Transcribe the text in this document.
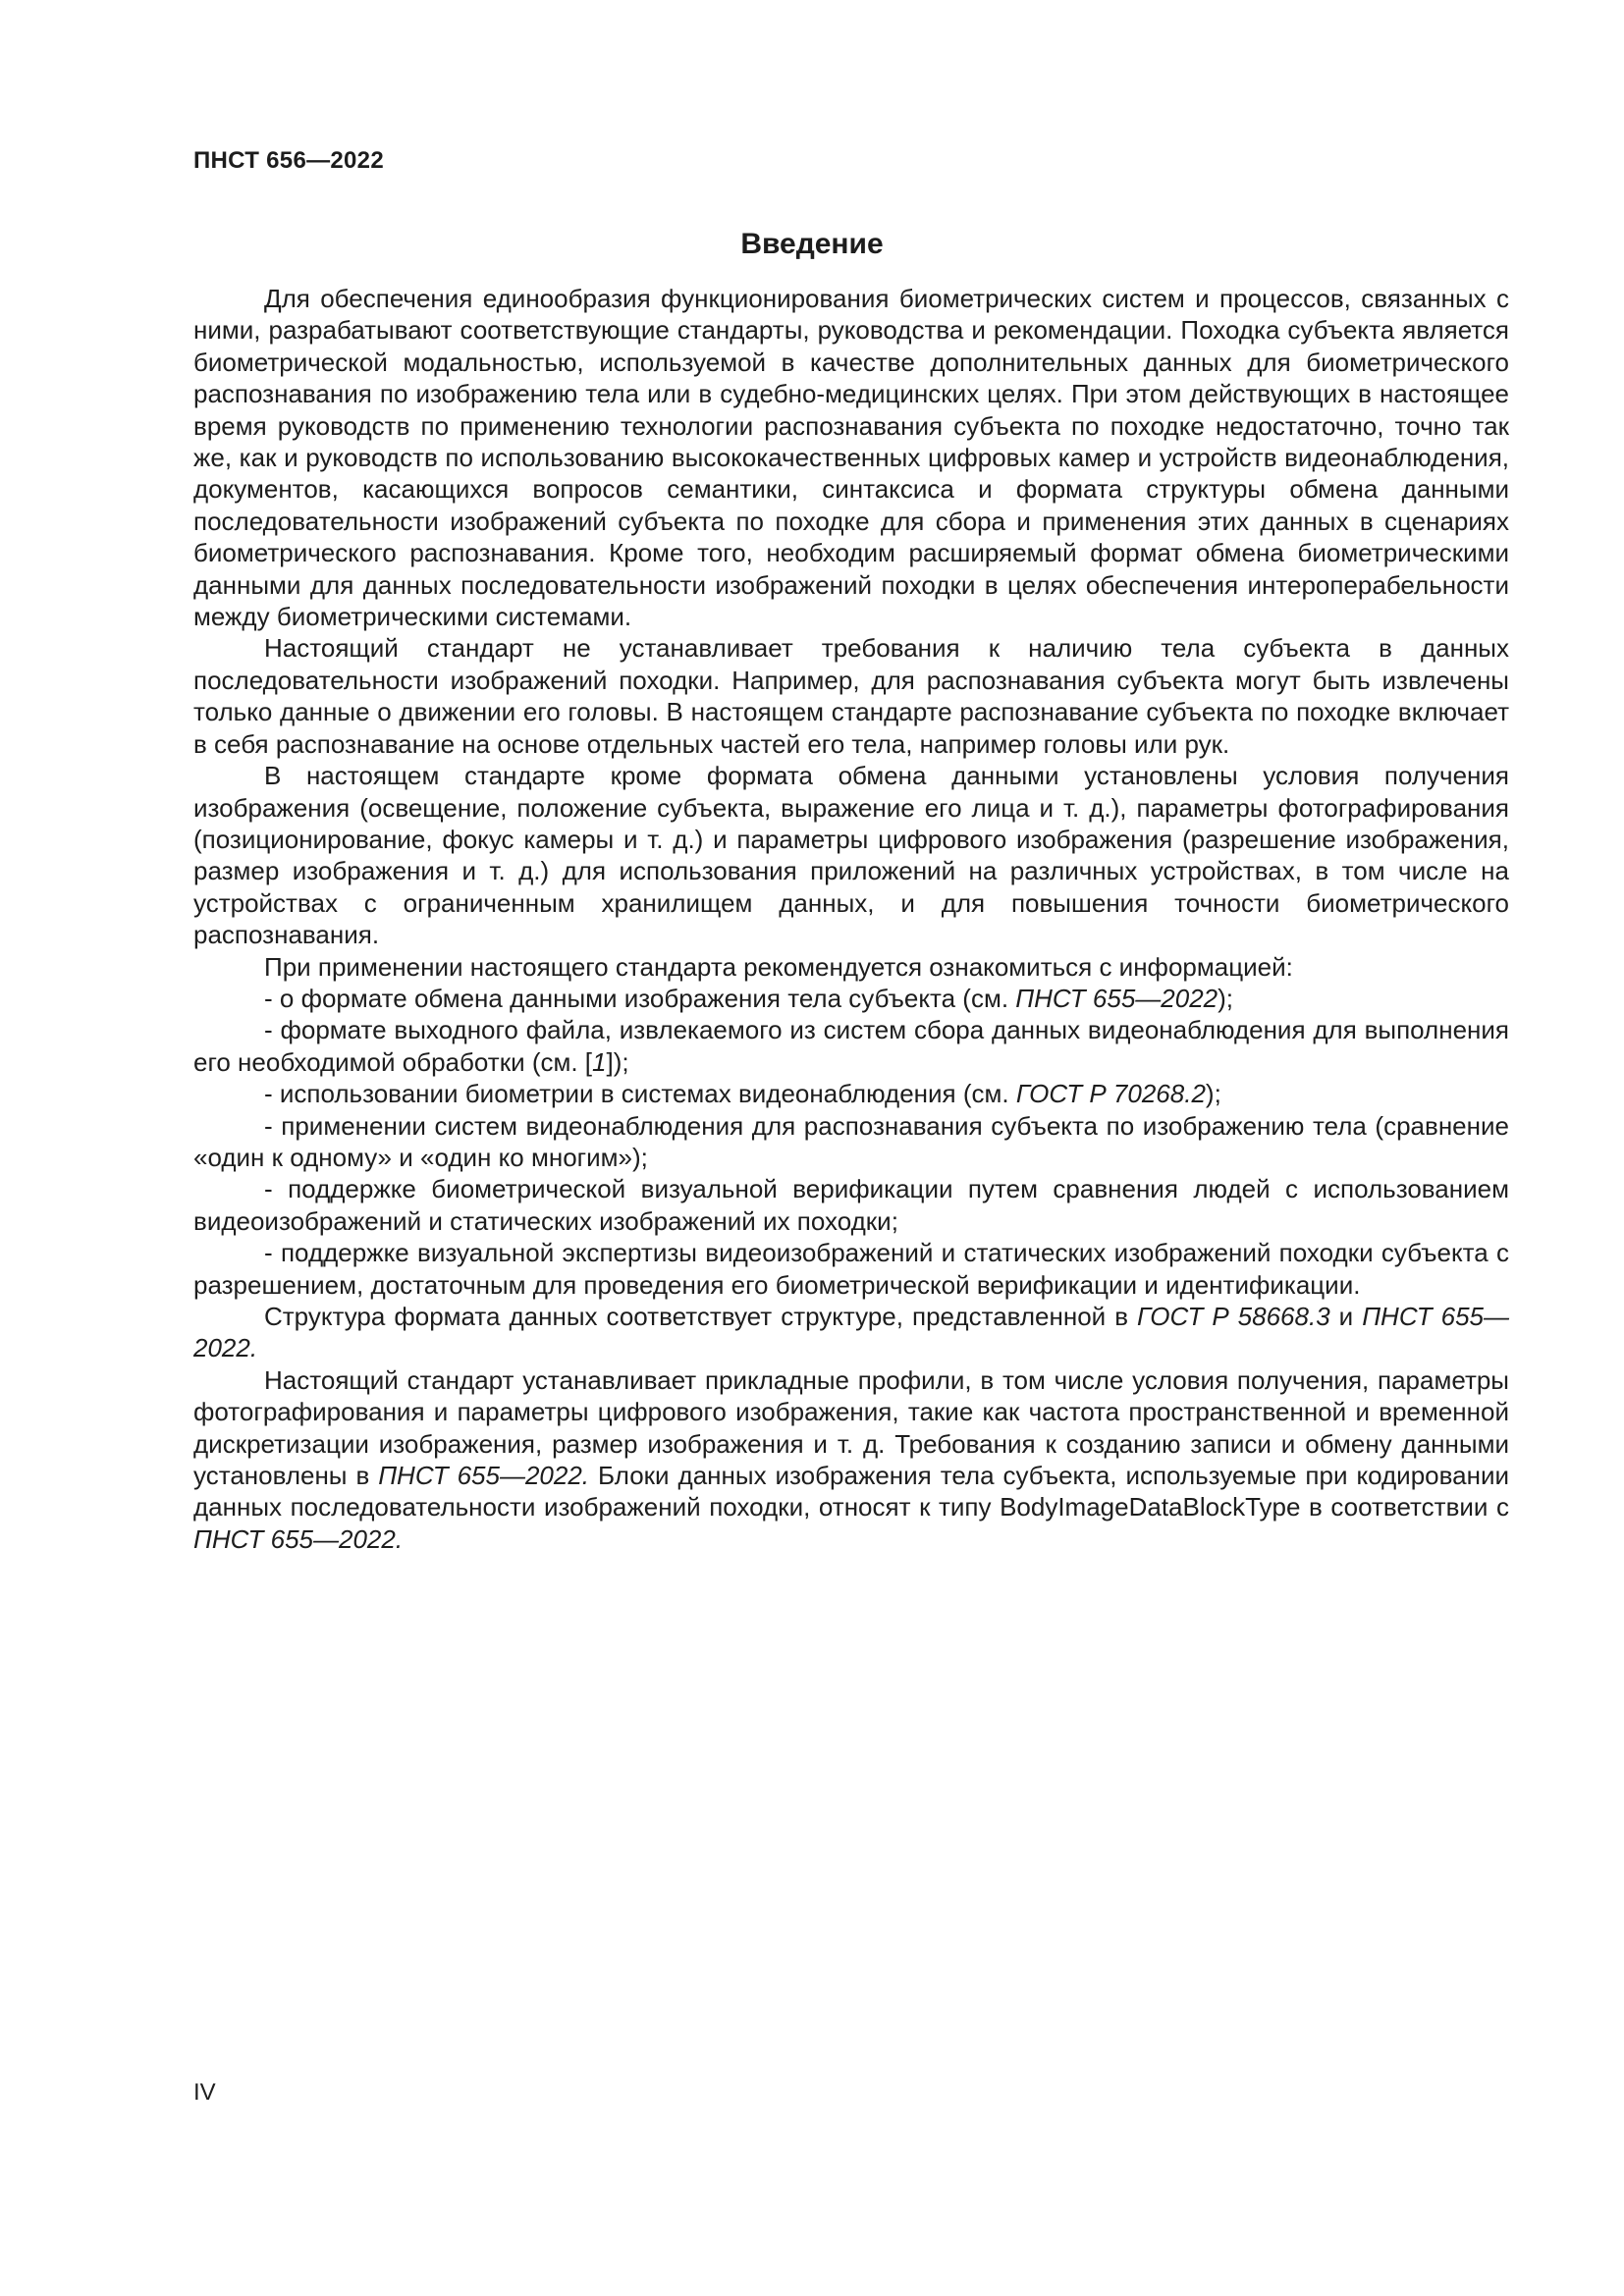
ПНСТ 656—2022
Введение

Для обеспечения единообразия функционирования биометрических систем и процессов, связанных с ними, разрабатывают соответствующие стандарты, руководства и рекомендации. Походка субъекта является биометрической модальностью, используемой в качестве дополнительных данных для биометрического распознавания по изображению тела или в судебно-медицинских целях. При этом действующих в настоящее время руководств по применению технологии распознавания субъекта по походке недостаточно, точно так же, как и руководств по использованию высококачественных цифровых камер и устройств видеонаблюдения, документов, касающихся вопросов семантики, синтаксиса и формата структуры обмена данными последовательности изображений субъекта по походке для сбора и применения этих данных в сценариях биометрического распознавания. Кроме того, необходим расширяемый формат обмена биометрическими данными для данных последовательности изображений походки в целях обеспечения интероперабельности между биометрическими системами.

Настоящий стандарт не устанавливает требования к наличию тела субъекта в данных последовательности изображений походки. Например, для распознавания субъекта могут быть извлечены только данные о движении его головы. В настоящем стандарте распознавание субъекта по походке включает в себя распознавание на основе отдельных частей его тела, например головы или рук.

В настоящем стандарте кроме формата обмена данными установлены условия получения изображения (освещение, положение субъекта, выражение его лица и т. д.), параметры фотографирования (позиционирование, фокус камеры и т. д.) и параметры цифрового изображения (разрешение изображения, размер изображения и т. д.) для использования приложений на различных устройствах, в том числе на устройствах с ограниченным хранилищем данных, и для повышения точности биометрического распознавания.

При применении настоящего стандарта рекомендуется ознакомиться с информацией:

- о формате обмена данными изображения тела субъекта (см. ПНСТ 655—2022);

- формате выходного файла, извлекаемого из систем сбора данных видеонаблюдения для выполнения его необходимой обработки (см. [1]);

- использовании биометрии в системах видеонаблюдения (см. ГОСТ Р 70268.2);

- применении систем видеонаблюдения для распознавания субъекта по изображению тела (сравнение «один к одному» и «один ко многим»);

- поддержке биометрической визуальной верификации путем сравнения людей с использованием видеоизображений и статических изображений их походки;

- поддержке визуальной экспертизы видеоизображений и статических изображений походки субъекта с разрешением, достаточным для проведения его биометрической верификации и идентификации.

Структура формата данных соответствует структуре, представленной в ГОСТ Р 58668.3 и ПНСТ 655—2022.

Настоящий стандарт устанавливает прикладные профили, в том числе условия получения, параметры фотографирования и параметры цифрового изображения, такие как частота пространственной и временной дискретизации изображения, размер изображения и т. д. Требования к созданию записи и обмену данными установлены в ПНСТ 655—2022. Блоки данных изображения тела субъекта, используемые при кодировании данных последовательности изображений походки, относят к типу BodyImageDataBlockType в соответствии с ПНСТ 655—2022.

IV
